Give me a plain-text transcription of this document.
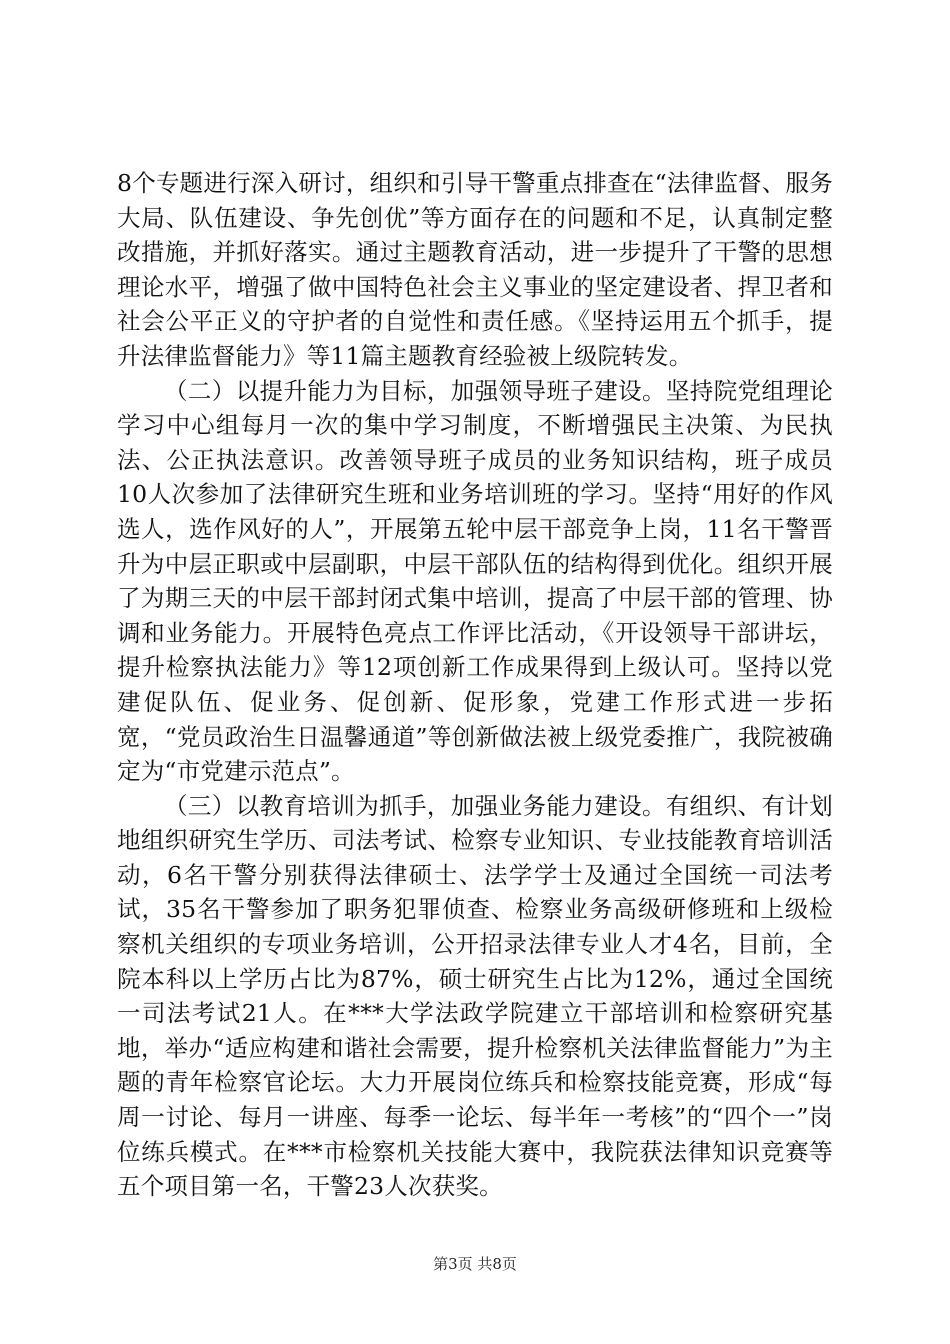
8个专题进行深入研讨，组织和引导干警重点排查在“法律监督、服务大局、队伍建设、争先创优”等方面存在的问题和不足，认真制定整改措施，并抓好落实。通过主题教育活动，进一步提升了干警的思想理论水平，增强了做中国特色社会主义事业的坚定建设者、捍卫者和社会公平正义的守护者的自觉性和责任感。《坚持运用五个抓手，提升法律监督能力》等11篇主题教育经验被上级院转发。

（二）以提升能力为目标，加强领导班子建设。坚持院党组理论学习中心组每月一次的集中学习制度，不断增强民主决策、为民执法、公正执法意识。改善领导班子成员的业务知识结构，班子成员10人次参加了法律研究生班和业务培训班的学习。坚持“用好的作风选人，选作风好的人”，开展第五轮中层干部竞争上岗，11名干警晋升为中层正职或中层副职，中层干部队伍的结构得到优化。组织开展了为期三天的中层干部封闭式集中培训，提高了中层干部的管理、协调和业务能力。开展特色亮点工作评比活动，《开设领导干部讲坛，提升检察执法能力》等12项创新工作成果得到上级认可。坚持以党建促队伍、促业务、促创新、促形象，党建工作形式进一步拓宽，“党员政治生日温馨通道”等创新做法被上级党委推广，我院被确定为“市党建示范点”。

（三）以教育培训为抓手，加强业务能力建设。有组织、有计划地组织研究生学历、司法考试、检察专业知识、专业技能教育培训活动，6名干警分别获得法律硕士、法学学士及通过全国统一司法考试，35名干警参加了职务犯罪侦查、检察业务高级研修班和上级检察机关组织的专项业务培训，公开招录法律专业人才4名，目前，全院本科以上学历占比为87%，硕士研究生占比为12%，通过全国统一司法考试21人。在***大学法政学院建立干部培训和检察研究基地，举办“适应构建和谐社会需要，提升检察机关法律监督能力”为主题的青年检察官论坛。大力开展岗位练兵和检察技能竞赛，形成“每周一讨论、每月一讲座、每季一论坛、每半年一考核”的“四个一”岗位练兵模式。在***市检察机关技能大赛中，我院获法律知识竞赛等五个项目第一名，干警23人次获奖。

第3页 共8页
